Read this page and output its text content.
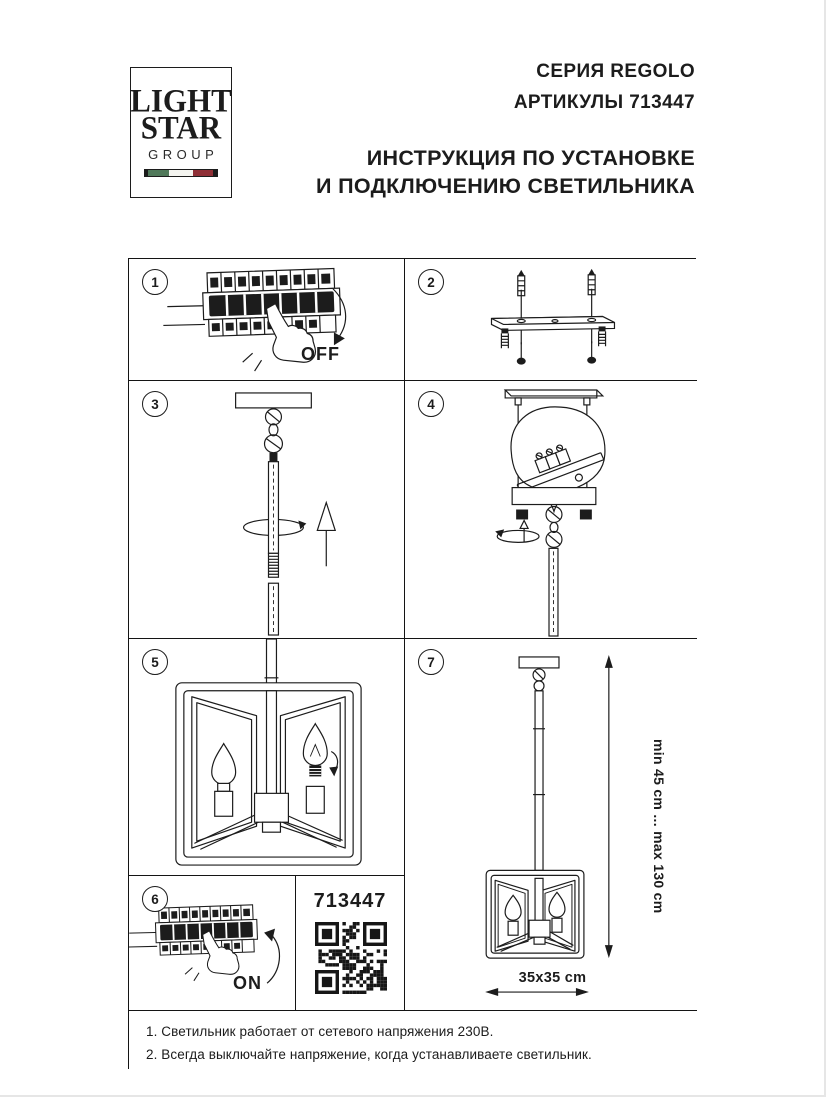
LIGHT
STAR
GROUP
СЕРИЯ REGOLO
АРТИКУЛЫ 713447
ИНСТРУКЦИЯ ПО УСТАНОВКЕ
И ПОДКЛЮЧЕНИЮ СВЕТИЛЬНИКА
1
OFF
2
3	4
5	7
min 45 cm ... max 130 cm
35x35 cm
6
ON
713447
1. Светильник работает от сетевого напряжения 230В.
2. Всегда выключайте напряжение, когда устанавливаете светильник.
